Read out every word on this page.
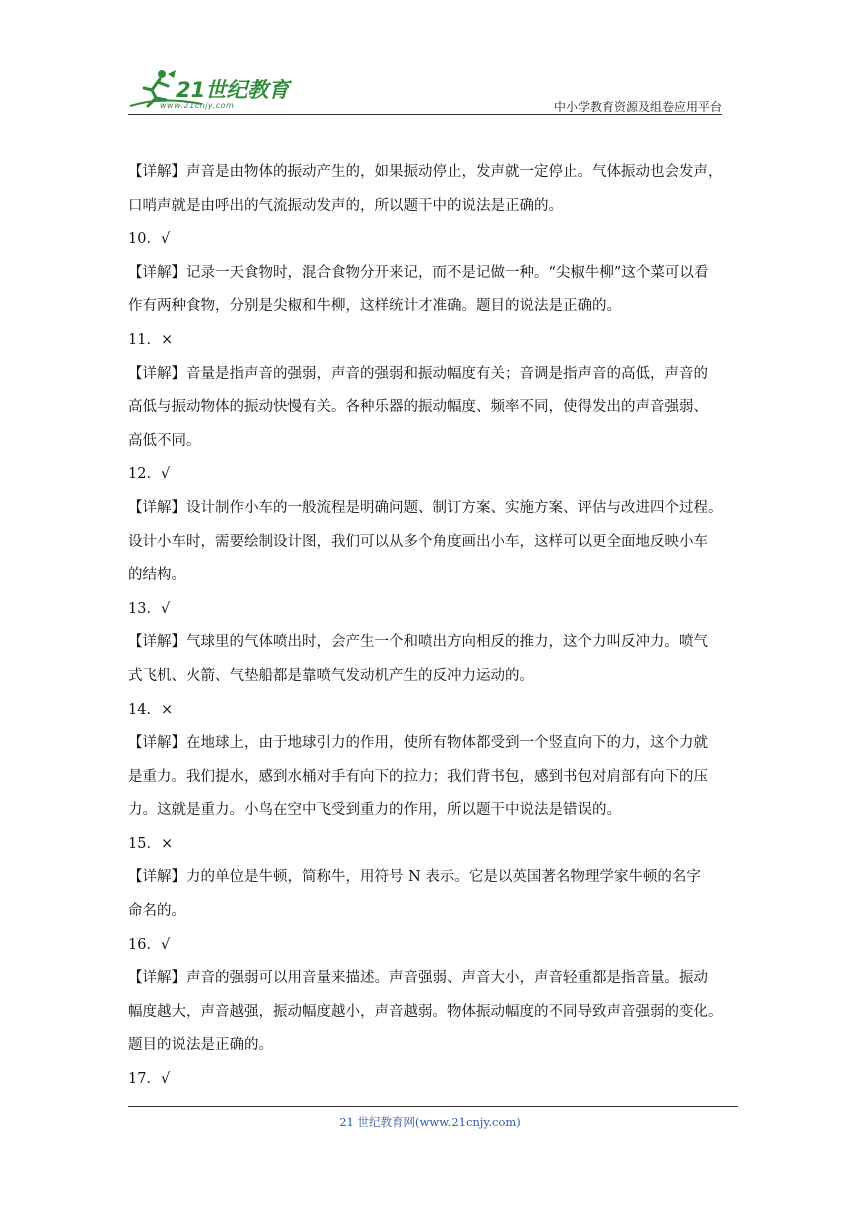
21世纪教育
www.21cnjy.com	中小学教育资源及组卷应用平台
【详解】声音是由物体的振动产生的，如果振动停止，发声就一定停止。气体振动也会发声，
口哨声就是由呼出的气流振动发声的，所以题干中的说法是正确的。
10．√
【详解】记录一天食物时，混合食物分开来记，而不是记做一种。“尖椒牛柳”这个菜可以看
作有两种食物，分别是尖椒和牛柳，这样统计才准确。题目的说法是正确的。
11．×
【详解】音量是指声音的强弱，声音的强弱和振动幅度有关；音调是指声音的高低，声音的
高低与振动物体的振动快慢有关。各种乐器的振动幅度、频率不同，使得发出的声音强弱、
高低不同。
12．√
【详解】设计制作小车的一般流程是明确问题、制订方案、实施方案、评估与改进四个过程。
设计小车时，需要绘制设计图，我们可以从多个角度画出小车，这样可以更全面地反映小车
的结构。
13．√
【详解】气球里的气体喷出时，会产生一个和喷出方向相反的推力，这个力叫反冲力。喷气
式飞机、火箭、气垫船都是靠喷气发动机产生的反冲力运动的。
14．×
【详解】在地球上，由于地球引力的作用，使所有物体都受到一个竖直向下的力，这个力就
是重力。我们提水，感到水桶对手有向下的拉力；我们背书包，感到书包对肩部有向下的压
力。这就是重力。小鸟在空中飞受到重力的作用，所以题干中说法是错误的。
15．×
【详解】力的单位是牛顿，简称牛，用符号 N 表示。它是以英国著名物理学家牛顿的名字
命名的。
16．√
【详解】声音的强弱可以用音量来描述。声音强弱、声音大小，声音轻重都是指音量。振动
幅度越大，声音越强，振动幅度越小，声音越弱。物体振动幅度的不同导致声音强弱的变化。
题目的说法是正确的。
17．√
21 世纪教育网(www.21cnjy.com)
